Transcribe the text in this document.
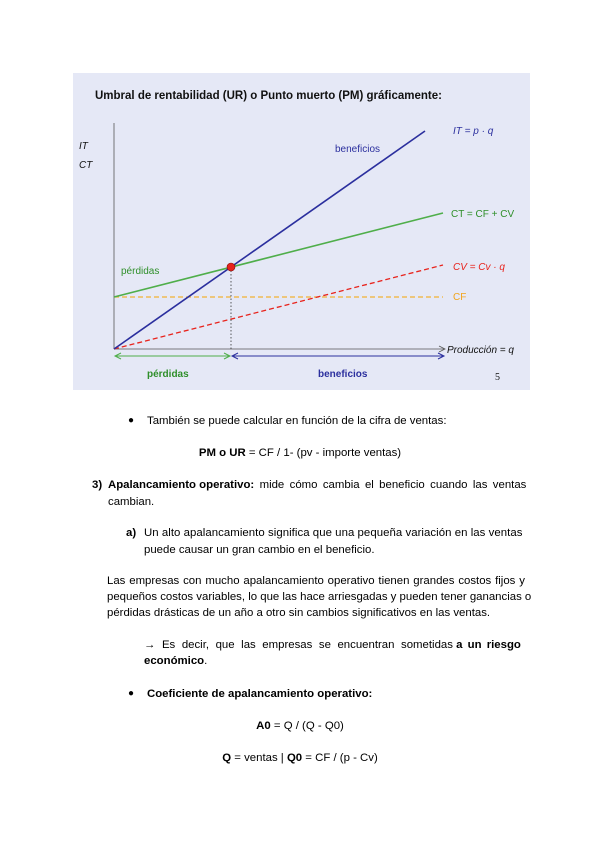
Umbral de rentabilidad (UR) o Punto muerto (PM) gráficamente:
IT
CT
Producción = q
beneficios
pérdidas
IT = p · q
CT = CF + CV
CV = Cv · q
CF
pérdidas	beneficios	5
● También se puede calcular en función de la cifra de ventas:
PM o UR = CF / 1- (pv - importe ventas)
3) Apalancamiento operativo: mide cómo cambia el beneficio cuando las ventas
cambian.
a) Un alto apalancamiento significa que una pequeña variación en las ventas
puede causar un gran cambio en el beneficio.
Las empresas con mucho apalancamiento operativo tienen grandes costos fijos y
pequeños costos variables, lo que las hace arriesgadas y pueden tener ganancias o
pérdidas drásticas de un año a otro sin cambios significativos en las ventas.
→ Es decir, que las empresas se encuentran sometidas a un riesgo
económico.
● Coeficiente de apalancamiento operativo:
A0 = Q / (Q - Q0)
Q = ventas | Q0 = CF / (p - Cv)
